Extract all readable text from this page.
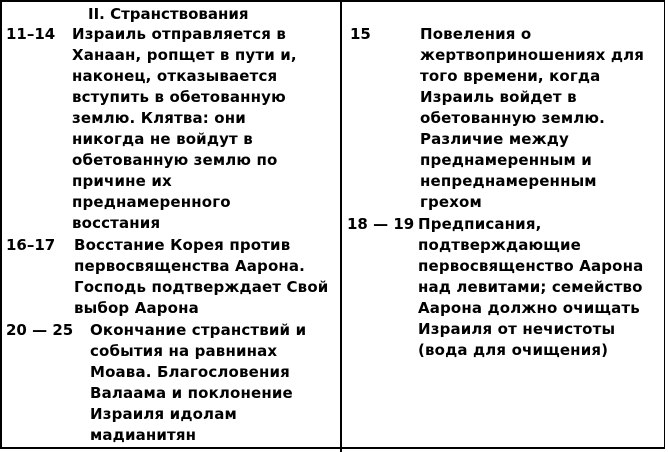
II. Странствования
11–14 Израиль отправляется в
Ханаан, ропщет в пути и,
наконец, отказывается
вступить в обетованную
землю. Клятва: они
никогда не войдут в
обетованную землю по
причине их
преднамеренного
восстания
16–17 Восстание Корея против
первосвященства Аарона.
Господь подтверждает Свой
выбор Аарона
20 — 25 Окончание странствий и
события на равнинах
Моава. Благословения
Валаама и поклонение
Израиля идолам
мадианитян
15	Повеления о
жертвоприношениях для
того времени, когда
Израиль войдет в
обетованную землю.
Различие между
преднамеренным и
непреднамеренным
грехом
18 — 19 Предписания,
подтверждающие
первосвященство Аарона
над левитами; семейство
Аарона должно очищать
Израиля от нечистоты
(вода для очищения)
